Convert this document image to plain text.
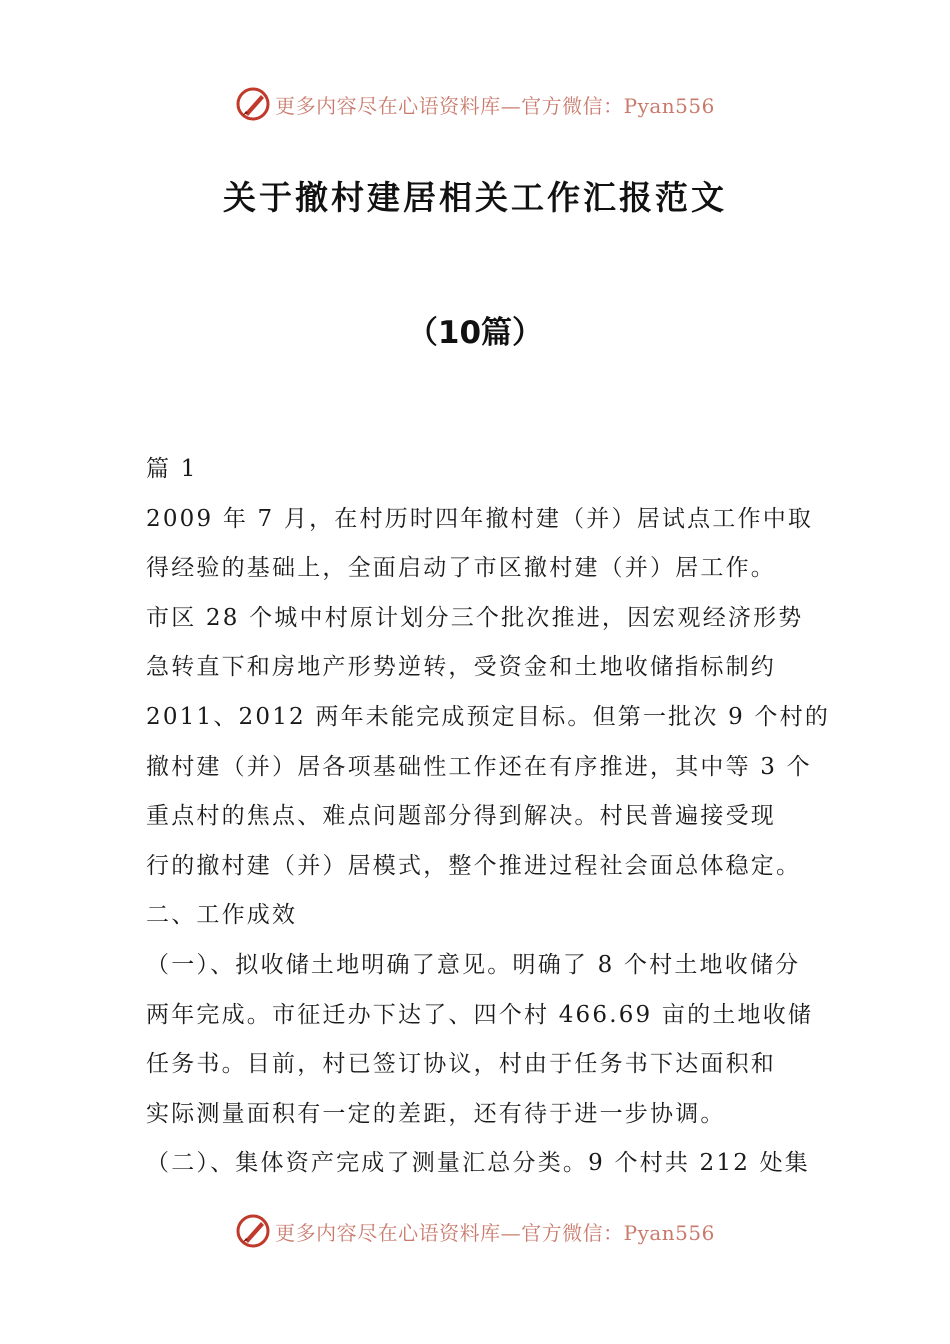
更多内容尽在心语资料库—官方微信：Pyan556
关于撤村建居相关工作汇报范文
（10篇）
篇 1
2009 年 7 月，在村历时四年撤村建（并）居试点工作中取
得经验的基础上，全面启动了市区撤村建（并）居工作。
市区 28 个城中村原计划分三个批次推进，因宏观经济形势
急转直下和房地产形势逆转，受资金和土地收储指标制约
2011、2012 两年未能完成预定目标。但第一批次 9 个村的
撤村建（并）居各项基础性工作还在有序推进，其中等 3 个
重点村的焦点、难点问题部分得到解决。村民普遍接受现
行的撤村建（并）居模式，整个推进过程社会面总体稳定。
二、工作成效
（一）、拟收储土地明确了意见。明确了 8 个村土地收储分
两年完成。市征迁办下达了、四个村 466.69 亩的土地收储
任务书。目前，村已签订协议，村由于任务书下达面积和
实际测量面积有一定的差距，还有待于进一步协调。
（二）、集体资产完成了测量汇总分类。9 个村共 212 处集
更多内容尽在心语资料库—官方微信：Pyan556
